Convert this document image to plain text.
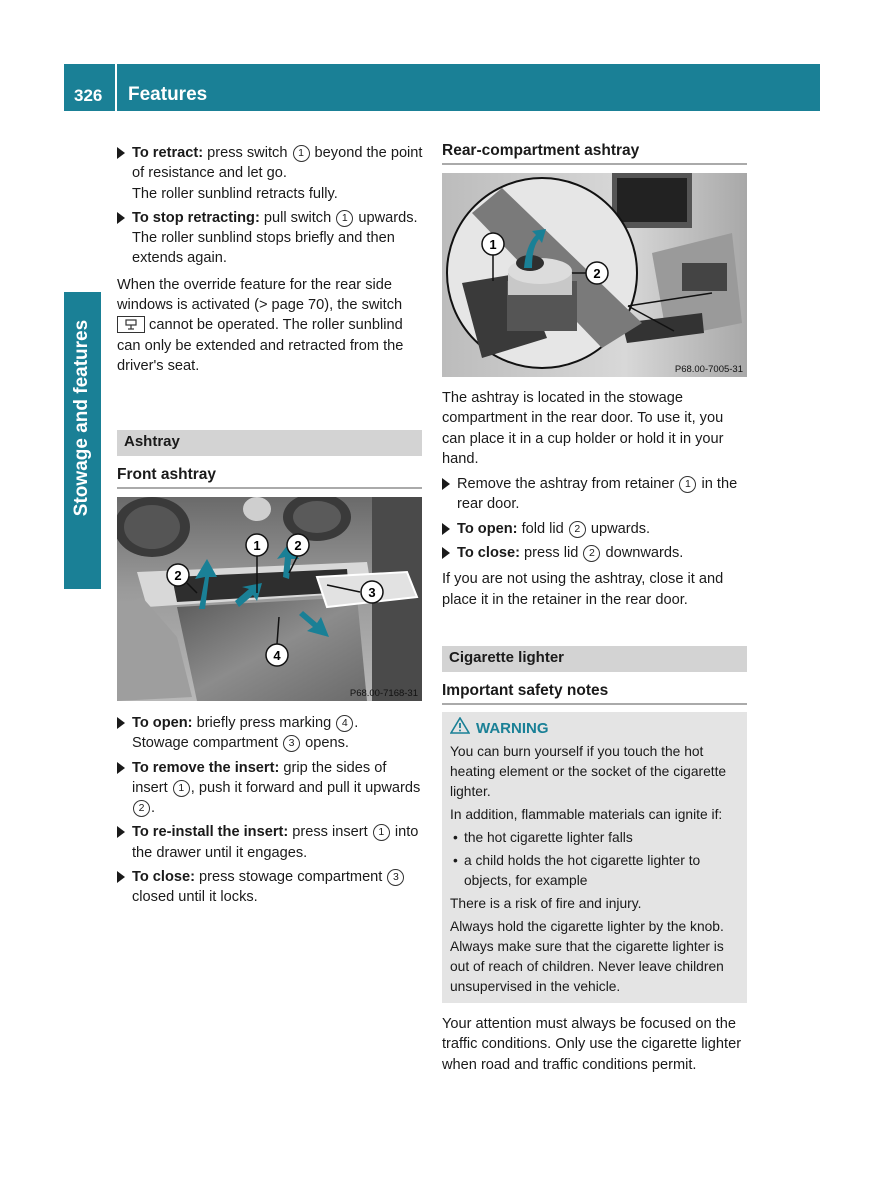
326 Features
Stowage and features
To retract: press switch 1 beyond the point of resistance and let go.
The roller sunblind retracts fully.
To stop retracting: pull switch 1 upwards.
The roller sunblind stops briefly and then extends again.

When the override feature for the rear side windows is activated (> page 70), the switch  cannot be operated. The roller sunblind can only be extended and retracted from the driver's seat.

Ashtray
Front ashtray
1	2
2
3
4
P68.00-7168-31
To open: briefly press marking 4 .
Stowage compartment 3 opens.
To remove the insert: grip the sides of insert 1 , push it forward and pull it upwards 2 .
To re-install the insert: press insert 1 into the drawer until it engages.
To close: press stowage compartment 3 closed until it locks.
Rear-compartment ashtray
1
2
P68.00-7005-31

The ashtray is located in the stowage compartment in the rear door. To use it, you can place it in a cup holder or hold it in your hand.

Remove the ashtray from retainer 1 in the rear door.
To open: fold lid 2 upwards.
To close: press lid 2 downwards.

If you are not using the ashtray, close it and place it in the retainer in the rear door.

Cigarette lighter
Important safety notes
WARNING

You can burn yourself if you touch the hot heating element or the socket of the cigarette lighter.

In addition, flammable materials can ignite if:

• the hot cigarette lighter falls
• a child holds the hot cigarette lighter to objects, for example

There is a risk of fire and injury.

Always hold the cigarette lighter by the knob. Always make sure that the cigarette lighter is out of reach of children. Never leave children unsupervised in the vehicle.

Your attention must always be focused on the traffic conditions. Only use the cigarette lighter when road and traffic conditions permit.
